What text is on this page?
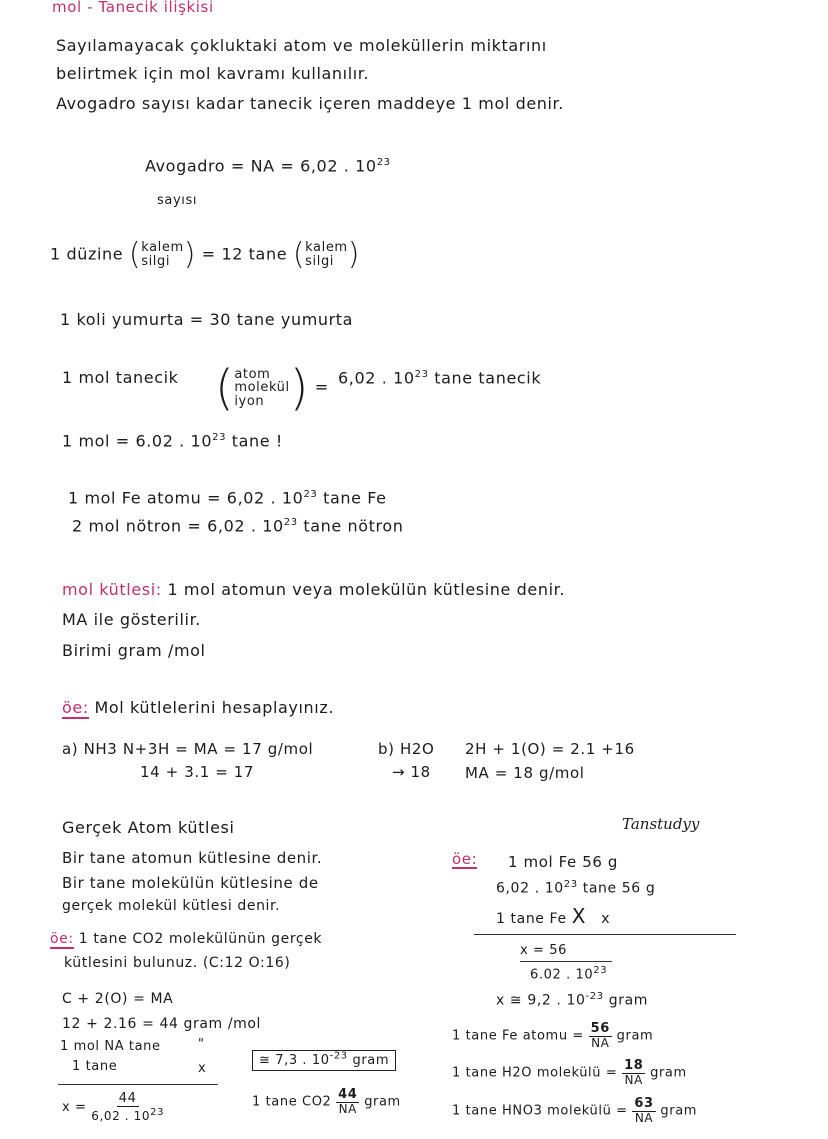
mol - Tanecik ilişkisi
Sayılamayacak çokluktaki atom ve moleküllerin miktarını
belirtmek için mol kavramı kullanılır.
Avogadro sayısı kadar tanecik içeren maddeye 1 mol denir.
Avogadro = NA = 6,02 . $10^{23}$
sayısı
1 düzine ( kalem
silgi ) = 12 tane ( kalem
silgi )
1 koli yumurta = 30 tane yumurta
1 mol tanecik ( atom
molekül
iyon ) = 6,02 . $10^{23}$ tane tanecik
1 mol = 6.02 . $10^{23}$ tane !
1 mol Fe atomu = 6,02 . $10^{23}$ tane Fe
2 mol nötron = 6,02 . $10^{23}$ tane nötron
mol kütlesi: 1 mol atomun veya molekülün kütlesine denir.
MA ile gösterilir.
Birimi gram /mol
öe: Mol kütlelerini hesaplayınız.
a) NH3 N+3H = MA = 17 g/mol
14 + 3.1 = 17
b) H2O
→ 18
2H + 1(O) = 2.1 +16
MA = 18 g/mol
Gerçek Atom kütlesi	Tanstudyy
Bir tane atomun kütlesine denir.
Bir tane molekülün kütlesine de
gerçek molekül kütlesi denir.
öe: 1 tane CO2 molekülünün gerçek
kütlesini bulunuz. (C:12 O:16)
C + 2(O) = MA
12 + 2.16 = 44 gram /mol
1 mol NA tane	"
1 tane	x
$x = \frac{44}{6,02 . 10^{23}}$
≅ 7,3 . $10^{-23}$ gram
1 tane $CO2 \frac{44}{NA}$ gram
öe: 1 mol Fe 56 g
6,02 . $10^{23}$ tane 56 g
1 tane Fe X x
x = 56
6.02 . $10^{23}$
x ≅ 9,2 . $10^{-23}$ gram
1 tane Fe atomu = $\frac{56}{NA}$ gram
1 tane H2O molekülü = $\frac{18}{NA}$ gram
1 tane HNO3 molekülü = $\frac{63}{NA}$ gram
